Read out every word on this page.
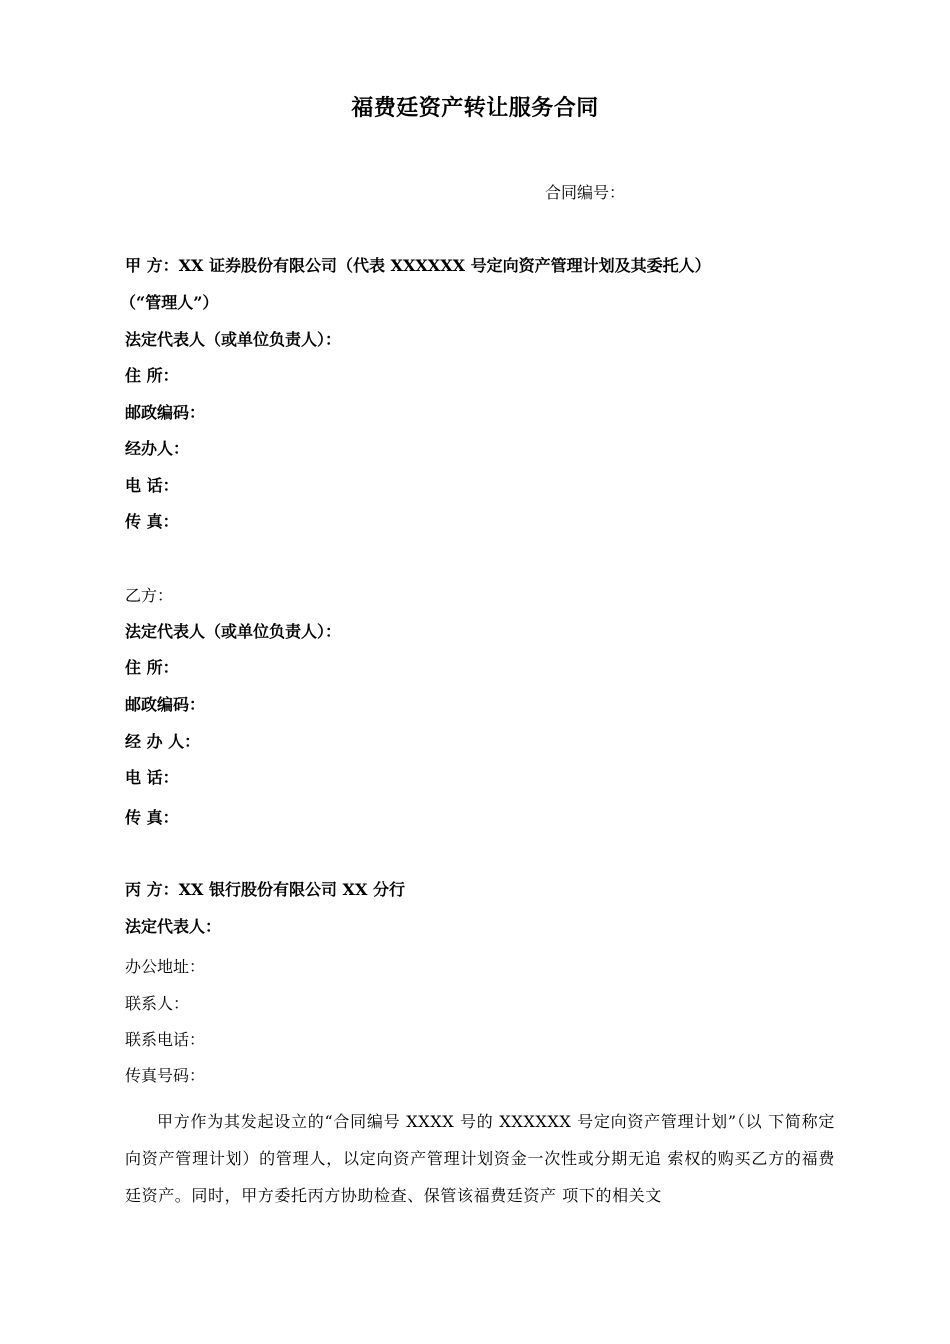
福费廷资产转让服务合同
合同编号：
甲 方：XX 证券股份有限公司（代表 XXXXXX 号定向资产管理计划及其委托人）
（“管理人”）
法定代表人（或单位负责人）：
住 所：
邮政编码：
经办人：
电 话：
传 真：
乙方：
法定代表人（或单位负责人）：
住 所：
邮政编码：
经 办 人：
电 话：
传 真：
丙 方：XX 银行股份有限公司 XX 分行
法定代表人：
办公地址：
联系人：
联系电话：
传真号码：
甲方作为其发起设立的“合同编号 XXXX 号的 XXXXXX 号定向资产管理计划”（以 下简称定向资产管理计划）的管理人，以定向资产管理计划资金一次性或分期无追 索权的购买乙方的福费廷资产。同时，甲方委托丙方协助检查、保管该福费廷资产 项下的相关文
